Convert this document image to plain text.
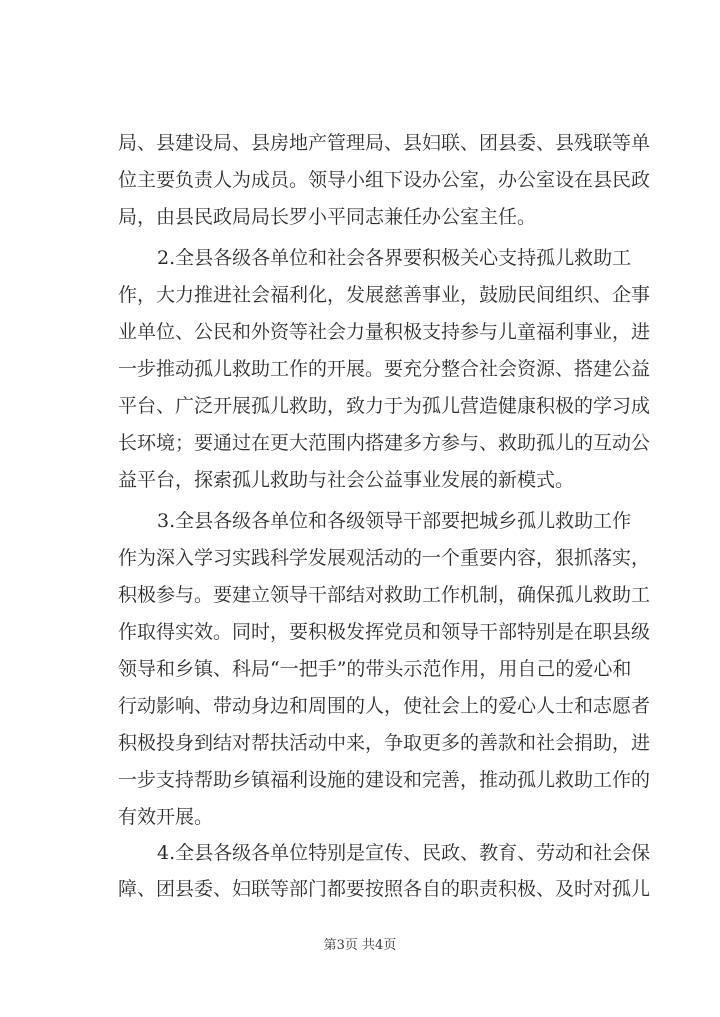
局、县建设局、县房地产管理局、县妇联、团县委、县残联等单
位主要负责人为成员。领导小组下设办公室，办公室设在县民政
局，由县民政局局长罗小平同志兼任办公室主任。
2.全县各级各单位和社会各界要积极关心支持孤儿救助工
作，大力推进社会福利化，发展慈善事业，鼓励民间组织、企事
业单位、公民和外资等社会力量积极支持参与儿童福利事业，进
一步推动孤儿救助工作的开展。要充分整合社会资源、搭建公益
平台、广泛开展孤儿救助，致力于为孤儿营造健康积极的学习成
长环境；要通过在更大范围内搭建多方参与、救助孤儿的互动公
益平台，探索孤儿救助与社会公益事业发展的新模式。
3.全县各级各单位和各级领导干部要把城乡孤儿救助工作
作为深入学习实践科学发展观活动的一个重要内容，狠抓落实，
积极参与。要建立领导干部结对救助工作机制，确保孤儿救助工
作取得实效。同时，要积极发挥党员和领导干部特别是在职县级
领导和乡镇、科局“一把手”的带头示范作用，用自己的爱心和
行动影响、带动身边和周围的人，使社会上的爱心人士和志愿者
积极投身到结对帮扶活动中来，争取更多的善款和社会捐助，进
一步支持帮助乡镇福利设施的建设和完善，推动孤儿救助工作的
有效开展。
4.全县各级各单位特别是宣传、民政、教育、劳动和社会保
障、团县委、妇联等部门都要按照各自的职责积极、及时对孤儿
第3页 共4页
